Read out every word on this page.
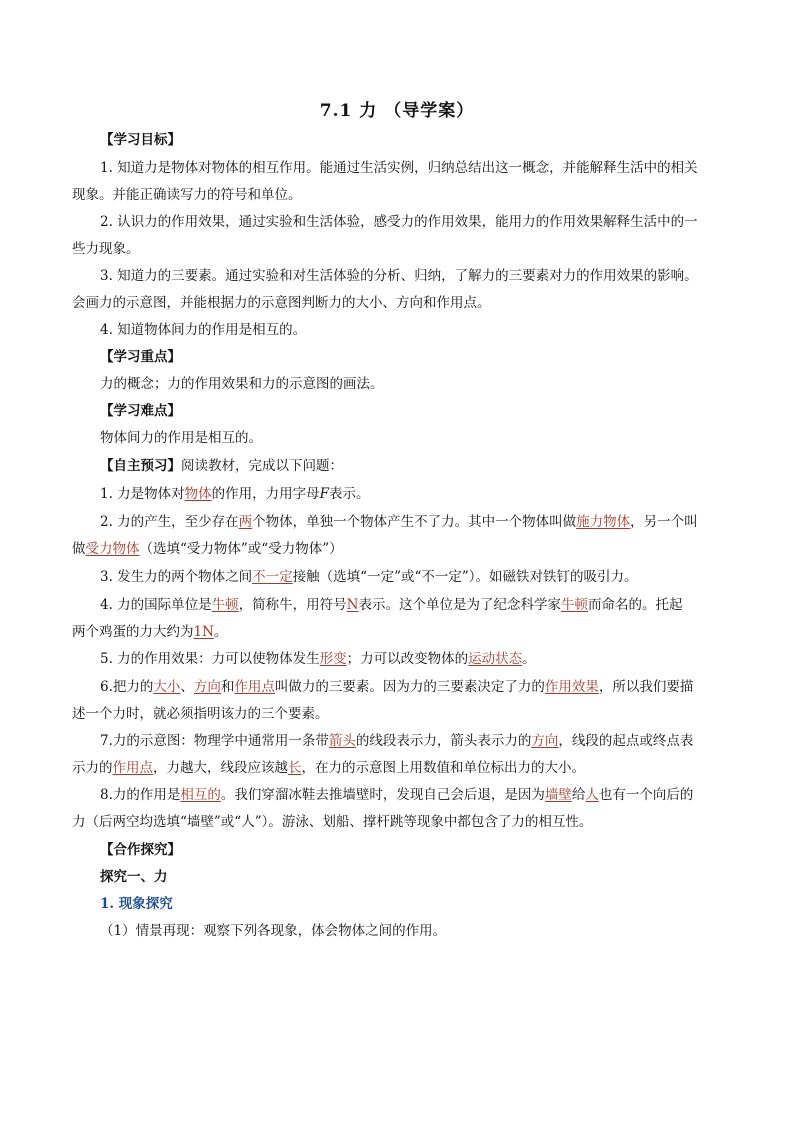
7.1 力 （导学案）
【学习目标】
1. 知道力是物体对物体的相互作用。能通过生活实例，归纳总结出这一概念，并能解释生活中的相关
现象。并能正确读写力的符号和单位。
2. 认识力的作用效果，通过实验和生活体验，感受力的作用效果，能用力的作用效果解释生活中的一
些力现象。
3. 知道力的三要素。通过实验和对生活体验的分析、归纳，了解力的三要素对力的作用效果的影响。
会画力的示意图，并能根据力的示意图判断力的大小、方向和作用点。
4. 知道物体间力的作用是相互的。
【学习重点】
力的概念；力的作用效果和力的示意图的画法。
【学习难点】
物体间力的作用是相互的。
【自主预习】阅读教材，完成以下问题：
1. 力是物体对物体的作用，力用字母F表示。
2. 力的产生，至少存在两个物体，单独一个物体产生不了力。其中一个物体叫做施力物体，另一个叫
做受力物体（选填“受力物体”或“受力物体”）
3. 发生力的两个物体之间不一定接触（选填“一定”或“不一定”）。如磁铁对铁钉的吸引力。
4. 力的国际单位是牛顿，简称牛，用符号N表示。这个单位是为了纪念科学家牛顿而命名的。托起
两个鸡蛋的力大约为1N。
5. 力的作用效果：力可以使物体发生形变；力可以改变物体的运动状态。
6.把力的大小、方向和作用点叫做力的三要素。因为力的三要素决定了力的作用效果，所以我们要描
述一个力时，就必须指明该力的三个要素。
7.力的示意图：物理学中通常用一条带箭头的线段表示力，箭头表示力的方向，线段的起点或终点表
示力的作用点，力越大，线段应该越长，在力的示意图上用数值和单位标出力的大小。
8.力的作用是相互的。我们穿溜冰鞋去推墙壁时，发现自己会后退，是因为墙壁给人也有一个向后的
力（后两空均选填“墙壁”或“人”）。游泳、划船、撑杆跳等现象中都包含了力的相互性。
【合作探究】
探究一、力
1. 现象探究
（1）情景再现：观察下列各现象，体会物体之间的作用。
